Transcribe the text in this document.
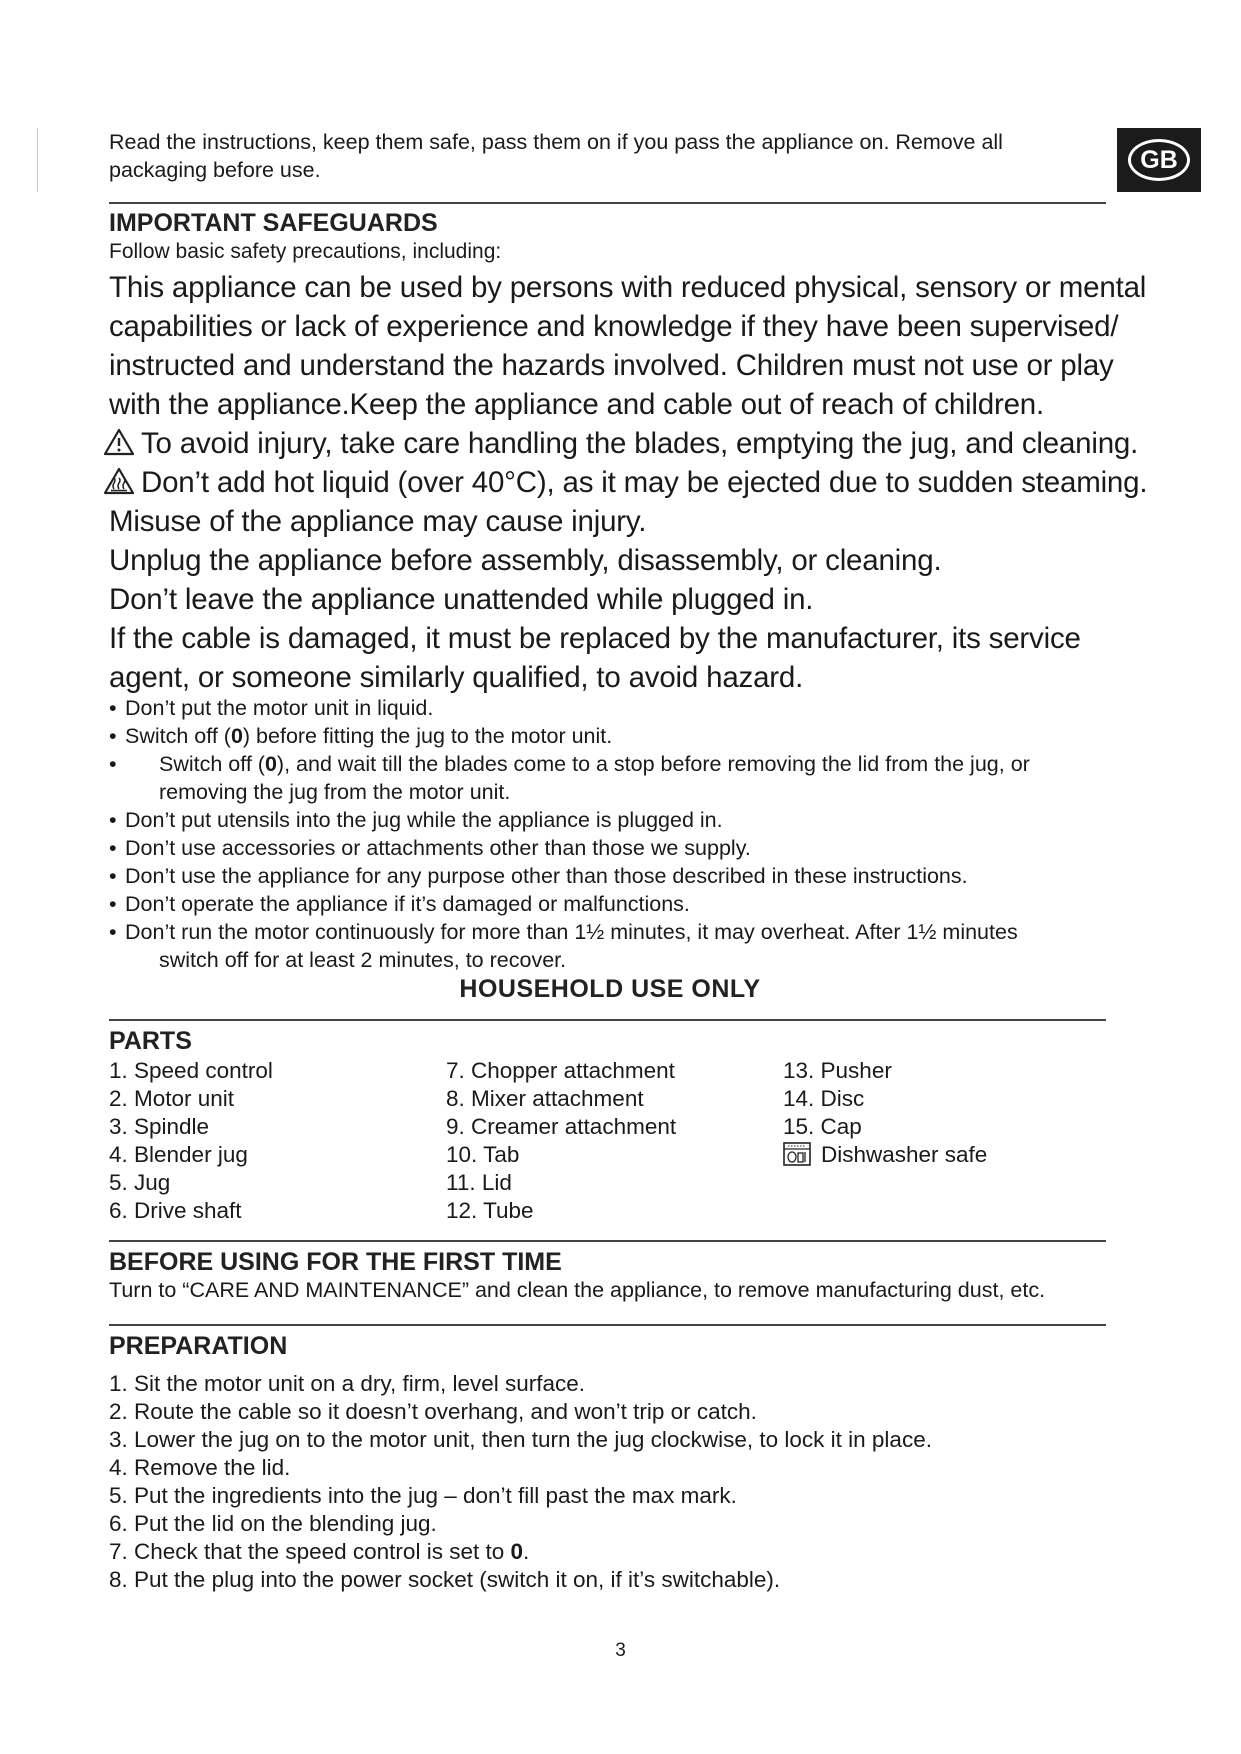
Read the instructions, keep them safe, pass them on if you pass the appliance on. Remove all packaging before use.	GB
IMPORTANT SAFEGUARDS
Follow basic safety precautions, including:

This appliance can be used by persons with reduced physical, sensory or mental

capabilities or lack of experience and knowledge if they have been supervised/

instructed and understand the hazards involved. Children must not use or play

with the appliance.Keep the appliance and cable out of reach of children.

To avoid injury, take care handling the blades, emptying the jug, and cleaning.

Don’t add hot liquid (over 40°C), as it may be ejected due to sudden steaming.

Misuse of the appliance may cause injury.

Unplug the appliance before assembly, disassembly, or cleaning.

Don’t leave the appliance unattended while plugged in.

If the cable is damaged, it must be replaced by the manufacturer, its service

agent, or someone similarly qualified, to avoid hazard.

• Don’t put the motor unit in liquid.
• Switch off (0) before fitting the jug to the motor unit.
•	Switch off (0), and wait till the blades come to a stop before removing the lid from the jug, or
removing the jug from the motor unit.
• Don’t put utensils into the jug while the appliance is plugged in.
• Don’t use accessories or attachments other than those we supply.
• Don’t use the appliance for any purpose other than those described in these instructions.
• Don’t operate the appliance if it’s damaged or malfunctions.
• Don’t run the motor continuously for more than 1½ minutes, it may overheat. After 1½ minutes
switch off for at least 2 minutes, to recover.
HOUSEHOLD USE ONLY
PARTS
1. Speed control
2. Motor unit
3. Spindle
4. Blender jug
5. Jug
6. Drive shaft
7. Chopper attachment
8. Mixer attachment
9. Creamer attachment
10. Tab
11. Lid
12. Tube
13. Pusher
14. Disc
15. Cap
Dishwasher safe
BEFORE USING FOR THE FIRST TIME
Turn to “CARE AND MAINTENANCE” and clean the appliance, to remove manufacturing dust, etc.
PREPARATION
1. Sit the motor unit on a dry, firm, level surface.
2. Route the cable so it doesn’t overhang, and won’t trip or catch.
3. Lower the jug on to the motor unit, then turn the jug clockwise, to lock it in place.
4. Remove the lid.
5. Put the ingredients into the jug – don’t fill past the max mark.
6. Put the lid on the blending jug.
7. Check that the speed control is set to 0.
8. Put the plug into the power socket (switch it on, if it’s switchable).
3
